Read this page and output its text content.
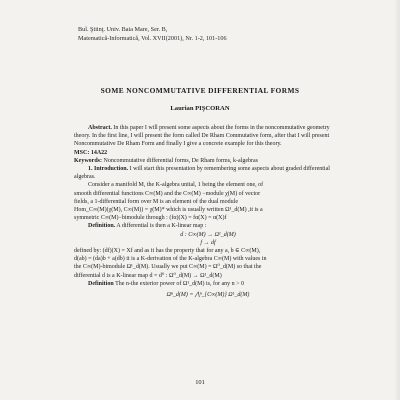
Bul. Ştiinţ. Univ. Baia Mare, Ser. B,
Matematică-Informatică, Vol. XVII(2001), Nr. 1-2, 101-106
SOME NONCOMMUTATIVE DIFFERENTIAL FORMS
Laurian PIŞCORAN

Abstract. In this paper I will present some aspects about the forms in the noncommutative geometry theory. In the first line, I will present the form called De Rham Commutative form, after that I will present Noncommutative De Rham Form and finally I give a concrete example for this theory.

MSC: 14A22

Keywords: Noncommutative differential forms, De Rham forms, k-algebras

1. Introduction. I will start this presentation by remembering some aspects about graded differential algebras.

Consider a manifold M, the K-algebra unital, 1 being the element one, of

smooth differential functions C∞(M) and the C∞(M) −module χ(M) of vector

fields, a 1-differential form over M is an element of the dual module

Hom_C∞(M)(χ(M), C∞(M)) = χ(M)* which is usually written Ω¹_d(M) ,it is a

symmetric C∞(M)−bimodule through : (fα)(X) = fα(X) = α(X)f

Definition. A differential is then a K-linear map :

d : C∞(M) → Ω¹_d(M)

f → df

defined by: (df)(X) = Xf and as it has the property that for any a, b ∈ C∞(M),

d(ab) = (da)b + a(db) it is a K-derivation of the K-algebra C∞(M) with values in

the C∞(M)-bimodule Ω¹_d(M). Usually we put C∞(M) = Ω⁰_d(M) so that the

differential d is a K-linear map d = d⁰ : Ω⁰_d(M) → Ω¹_d(M)

Definition The n-the exterior power of Ω¹_d(M) is, for any n > 0

Ωⁿ_d(M) = ⋀ⁿ_{C∞(M)} Ω¹_d(M)

101
